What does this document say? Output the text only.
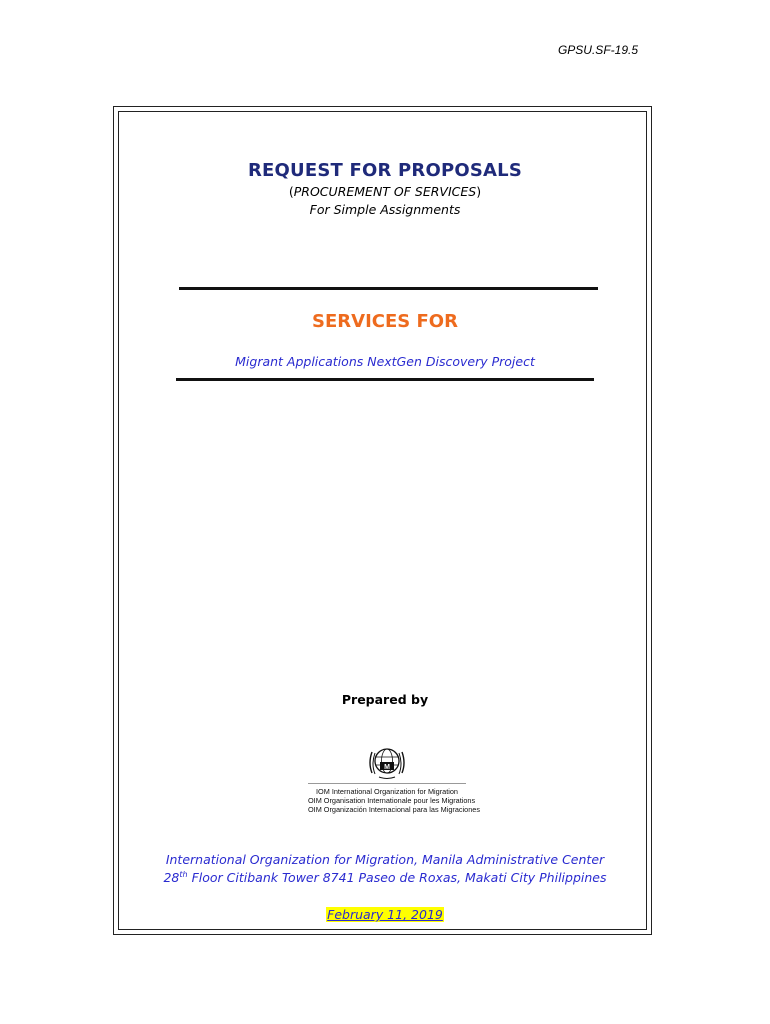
GPSU.SF-19.5
REQUEST FOR PROPOSALS
(PROCUREMENT OF SERVICES)
For Simple Assignments
SERVICES FOR
Migrant Applications NextGen Discovery Project
Prepared by
M
IOM International Organization for Migration
OIM Organisation Internationale pour les Migrations
OIM Organización Internacional para las Migraciones
International Organization for Migration, Manila Administrative Center
28th Floor Citibank Tower 8741 Paseo de Roxas, Makati City Philippines
February 11, 2019
